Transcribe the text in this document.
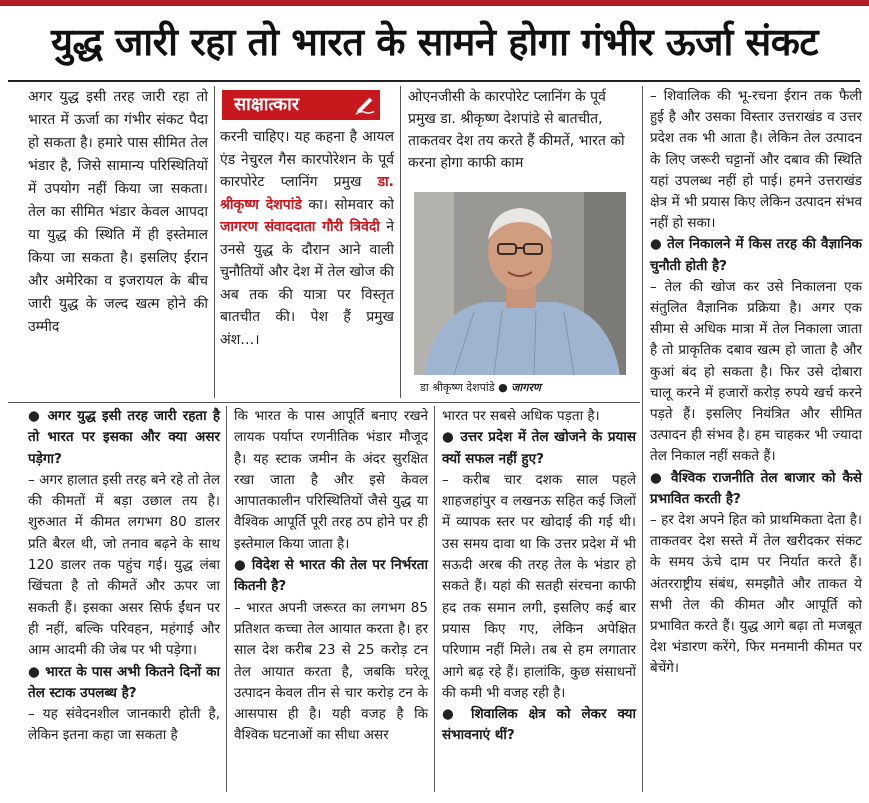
युद्ध जारी रहा तो भारत के सामने होगा गंभीर ऊर्जा संकट

अगर युद्ध इसी तरह जारी रहा तो भारत में ऊर्जा का गंभीर संकट पैदा हो सकता है। हमारे पास सीमित तेल भंडार है, जिसे सामान्य परिस्थितियों में उपयोग नहीं किया जा सकता। तेल का सीमित भंडार केवल आपदा या युद्ध की स्थिति में ही इस्तेमाल किया जा सकता है। इसलिए ईरान और अमेरिका व इजरायल के बीच जारी युद्ध के जल्द खत्म होने की उम्मीद

साक्षात्कार

करनी चाहिए। यह कहना है आयल एंड नेचुरल गैस कारपोरेशन के पूर्व कारपोरेट प्लानिंग प्रमुख डा. श्रीकृष्ण देशपांडे का। सोमवार को जागरण संवाददाता गौरी त्रिवेदी ने उनसे युद्ध के दौरान आने वाली चुनौतियों और देश में तेल खोज की अब तक की यात्रा पर विस्तृत बातचीत की। पेश हैं प्रमुख अंश…।

ओएनजीसी के कारपोरेट प्लानिंग के पूर्व प्रमुख डा. श्रीकृष्ण देशपांडे से बातचीत, ताकतवर देश तय करते हैं कीमतें, भारत को करना होगा काफी काम

डा श्रीकृष्ण देशपांडे ● जागरण

– शिवालिक की भू-रचना ईरान तक फैली हुई है और उसका विस्तार उत्तराखंड व उत्तर प्रदेश तक भी आता है। लेकिन तेल उत्पादन के लिए जरूरी चट्टानों और दबाव की स्थिति यहां उपलब्ध नहीं हो पाई। हमने उत्तराखंड क्षेत्र में भी प्रयास किए लेकिन उत्पादन संभव नहीं हो सका।

● तेल निकालने में किस तरह की वैज्ञानिक चुनौती होती है?

– तेल की खोज कर उसे निकालना एक संतुलित वैज्ञानिक प्रक्रिया है। अगर एक सीमा से अधिक मात्रा में तेल निकाला जाता है तो प्राकृतिक दबाव खत्म हो जाता है और कुआं बंद हो सकता है। फिर उसे दोबारा चालू करने में हजारों करोड़ रुपये खर्च करने पड़ते हैं। इसलिए नियंत्रित और सीमित उत्पादन ही संभव है। हम चाहकर भी ज्यादा तेल निकाल नहीं सकते हैं।

● वैश्विक राजनीति तेल बाजार को कैसे प्रभावित करती है?

– हर देश अपने हित को प्राथमिकता देता है। ताकतवर देश सस्ते में तेल खरीदकर संकट के समय ऊंचे दाम पर निर्यात करते हैं। अंतरराष्ट्रीय संबंध, समझौते और ताकत ये सभी तेल की कीमत और आपूर्ति को प्रभावित करते हैं। युद्ध आगे बढ़ा तो मजबूत देश भंडारण करेंगे, फिर मनमानी कीमत पर बेचेंगे।

● अगर युद्ध इसी तरह जारी रहता है तो भारत पर इसका और क्या असर पड़ेगा?

– अगर हालात इसी तरह बने रहे तो तेल की कीमतों में बड़ा उछाल तय है। शुरुआत में कीमत लगभग 80 डालर प्रति बैरल थी, जो तनाव बढ़ने के साथ 120 डालर तक पहुंच गई। युद्ध लंबा खिंचता है तो कीमतें और ऊपर जा सकती हैं। इसका असर सिर्फ ईंधन पर ही नहीं, बल्कि परिवहन, महंगाई और आम आदमी की जेब पर भी पड़ेगा।

● भारत के पास अभी कितने दिनों का तेल स्टाक उपलब्ध है?

– यह संवेदनशील जानकारी होती है, लेकिन इतना कहा जा सकता है

कि भारत के पास आपूर्ति बनाए रखने लायक पर्याप्त रणनीतिक भंडार मौजूद है। यह स्टाक जमीन के अंदर सुरक्षित रखा जाता है और इसे केवल आपातकालीन परिस्थितियों जैसे युद्ध या वैश्विक आपूर्ति पूरी तरह ठप होने पर ही इस्तेमाल किया जाता है।

● विदेश से भारत की तेल पर निर्भरता कितनी है?

– भारत अपनी जरूरत का लगभग 85 प्रतिशत कच्चा तेल आयात करता है। हर साल देश करीब 23 से 25 करोड़ टन तेल आयात करता है, जबकि घरेलू उत्पादन केवल तीन से चार करोड़ टन के आसपास ही है। यही वजह है कि वैश्विक घटनाओं का सीधा असर

भारत पर सबसे अधिक पड़ता है।

● उत्तर प्रदेश में तेल खोजने के प्रयास क्यों सफल नहीं हुए?

– करीब चार दशक साल पहले शाहजहांपुर व लखनऊ सहित कई जिलों में व्यापक स्तर पर खोदाई की गई थी। उस समय दावा था कि उत्तर प्रदेश में भी सऊदी अरब की तरह तेल के भंडार हो सकते हैं। यहां की सतही संरचना काफी हद तक समान लगी, इसलिए कई बार प्रयास किए गए, लेकिन अपेक्षित परिणाम नहीं मिले। तब से हम लगातार आगे बढ़ रहे हैं। हालांकि, कुछ संसाधनों की कमी भी वजह रही है।

● शिवालिक क्षेत्र को लेकर क्या संभावनाएं थीं?
